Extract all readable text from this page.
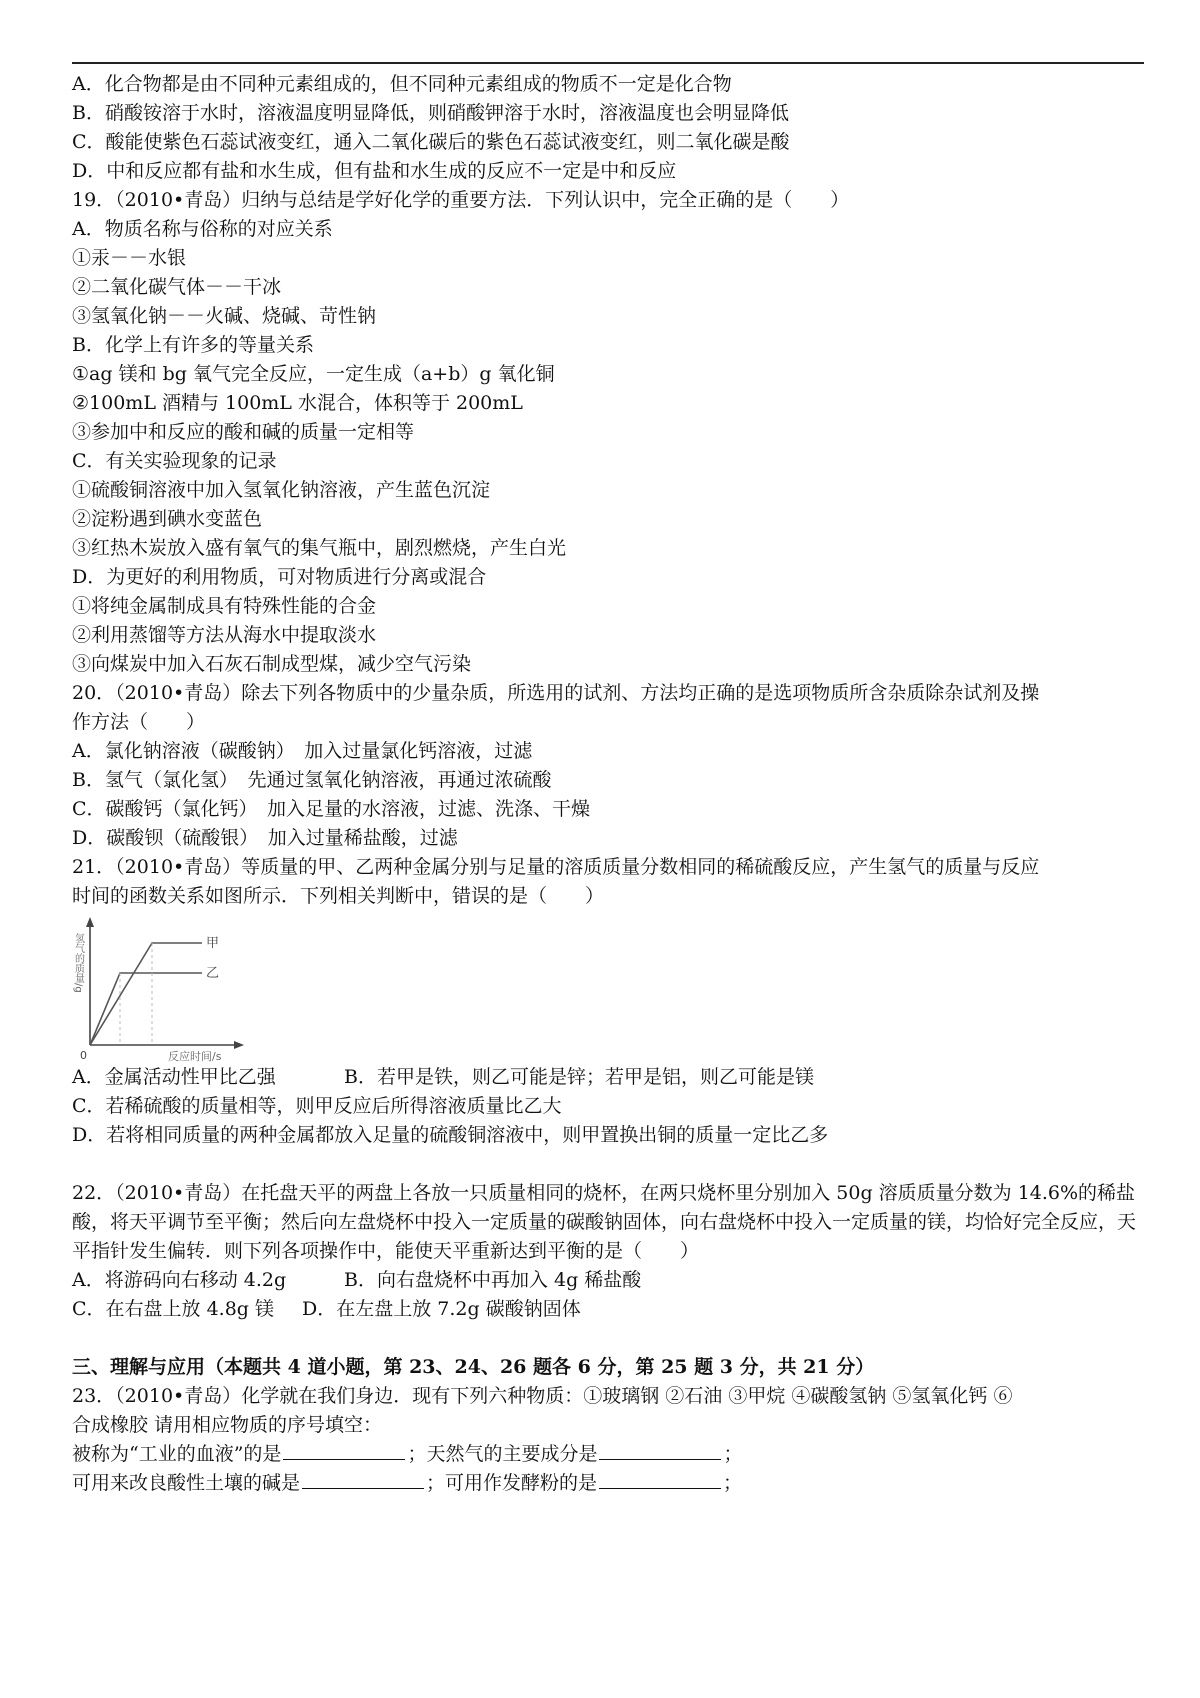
A．化合物都是由不同种元素组成的，但不同种元素组成的物质不一定是化合物
B．硝酸铵溶于水时，溶液温度明显降低，则硝酸钾溶于水时，溶液温度也会明显降低
C．酸能使紫色石蕊试液变红，通入二氧化碳后的紫色石蕊试液变红，则二氧化碳是酸
D．中和反应都有盐和水生成，但有盐和水生成的反应不一定是中和反应
19．（2010•青岛）归纳与总结是学好化学的重要方法．下列认识中，完全正确的是（　　）
A．物质名称与俗称的对应关系
①汞－－水银
②二氧化碳气体－－干冰
③氢氧化钠－－火碱、烧碱、苛性钠
B．化学上有许多的等量关系
①ag 镁和 bg 氧气完全反应，一定生成（a+b）g 氧化铜
②100mL 酒精与 100mL 水混合，体积等于 200mL
③参加中和反应的酸和碱的质量一定相等
C．有关实验现象的记录
①硫酸铜溶液中加入氢氧化钠溶液，产生蓝色沉淀
②淀粉遇到碘水变蓝色
③红热木炭放入盛有氧气的集气瓶中，剧烈燃烧，产生白光
D．为更好的利用物质，可对物质进行分离或混合
①将纯金属制成具有特殊性能的合金
②利用蒸馏等方法从海水中提取淡水
③向煤炭中加入石灰石制成型煤，减少空气污染
20．（2010•青岛）除去下列各物质中的少量杂质，所选用的试剂、方法均正确的是选项物质所含杂质除杂试剂及操
作方法（　　）
A．氯化钠溶液（碳酸钠）　加入过量氯化钙溶液，过滤
B．氢气（氯化氢）　先通过氢氧化钠溶液，再通过浓硫酸
C．碳酸钙（氯化钙）　加入足量的水溶液，过滤、洗涤、干燥
D．碳酸钡（硫酸银）　加入过量稀盐酸，过滤
21．（2010•青岛）等质量的甲、乙两种金属分别与足量的溶质质量分数相同的稀硫酸反应，产生氢气的质量与反应
时间的函数关系如图所示．下列相关判断中，错误的是（　　）
甲
乙
0	反应时间/s
氢气的质量/g
A．金属活动性甲比乙强	B．若甲是铁，则乙可能是锌；若甲是铝，则乙可能是镁
C．若稀硫酸的质量相等，则甲反应后所得溶液质量比乙大
D．若将相同质量的两种金属都放入足量的硫酸铜溶液中，则甲置换出铜的质量一定比乙多
22．（2010•青岛）在托盘天平的两盘上各放一只质量相同的烧杯，在两只烧杯里分别加入 50g 溶质质量分数为 14.6%的稀盐酸，将天平调节至平衡；然后向左盘烧杯中投入一定质量的碳酸钠固体，向右盘烧杯中投入一定质量的镁，均恰好完全反应，天平指针发生偏转．则下列各项操作中，能使天平重新达到平衡的是（　　）
A．将游码向右移动 4.2g	B．向右盘烧杯中再加入 4g 稀盐酸
C．在右盘上放 4.8g 镁 D．在左盘上放 7.2g 碳酸钠固体
三、理解与应用（本题共 4 道小题，第 23、24、26 题各 6 分，第 25 题 3 分，共 21 分）
23．（2010•青岛）化学就在我们身边．现有下列六种物质：①玻璃钢 ②石油 ③甲烷 ④碳酸氢钠 ⑤氢氧化钙 ⑥
合成橡胶 请用相应物质的序号填空：
被称为“工业的血液”的是	；天然气的主要成分是	；
可用来改良酸性土壤的碱是	；可用作发酵粉的是	；
